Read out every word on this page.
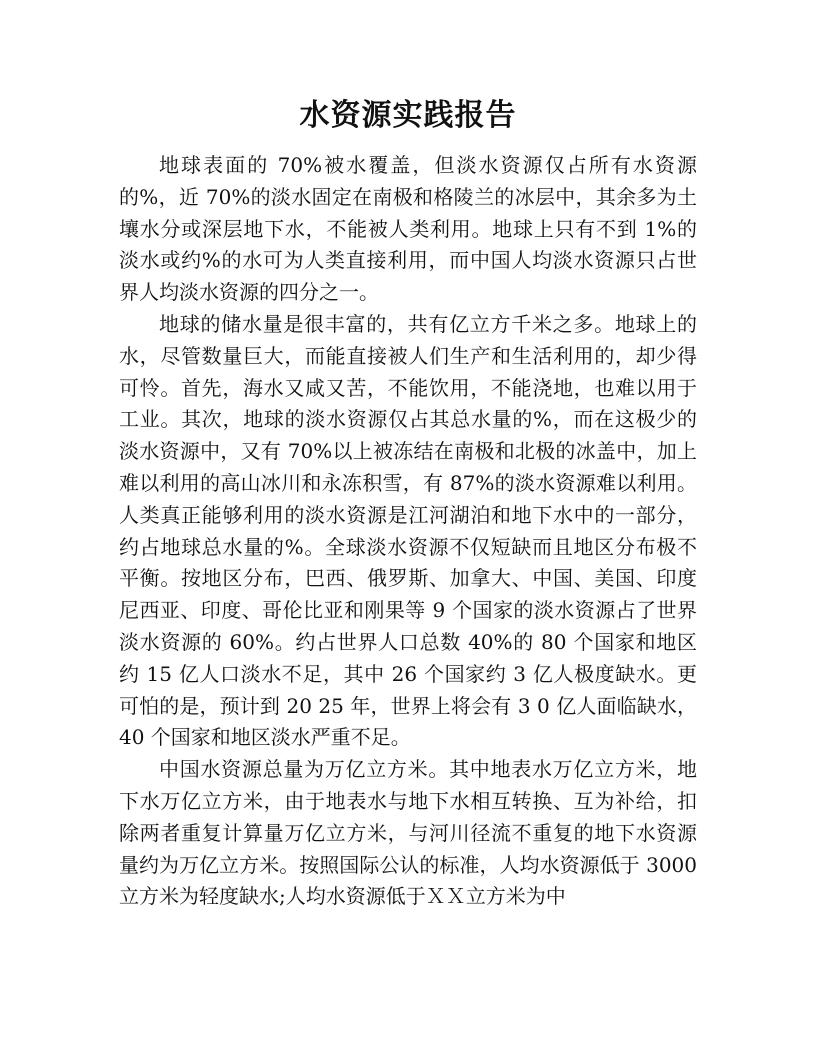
水资源实践报告

地球表面的 70%被水覆盖，但淡水资源仅占所有水资源的%，近 70%的淡水固定在南极和格陵兰的冰层中，其余多为土壤水分或深层地下水，不能被人类利用。地球上只有不到 1%的淡水或约%的水可为人类直接利用，而中国人均淡水资源只占世界人均淡水资源的四分之一。

地球的储水量是很丰富的，共有亿立方千米之多。地球上的水，尽管数量巨大，而能直接被人们生产和生活利用的，却少得可怜。首先，海水又咸又苦，不能饮用，不能浇地，也难以用于工业。其次，地球的淡水资源仅占其总水量的%，而在这极少的淡水资源中，又有 70%以上被冻结在南极和北极的冰盖中，加上难以利用的高山冰川和永冻积雪，有 87%的淡水资源难以利用。人类真正能够利用的淡水资源是江河湖泊和地下水中的一部分，约占地球总水量的%。全球淡水资源不仅短缺而且地区分布极不平衡。按地区分布，巴西、俄罗斯、加拿大、中国、美国、印度尼西亚、印度、哥伦比亚和刚果等 9 个国家的淡水资源占了世界淡水资源的 60%。约占世界人口总数 40%的 80 个国家和地区约 15 亿人口淡水不足，其中 26 个国家约 3 亿人极度缺水。更可怕的是，预计到 20 25 年，世界上将会有 3 0 亿人面临缺水，40 个国家和地区淡水严重不足。

中国水资源总量为万亿立方米。其中地表水万亿立方米，地下水万亿立方米，由于地表水与地下水相互转换、互为补给，扣除两者重复计算量万亿立方米，与河川径流不重复的地下水资源量约为万亿立方米。按照国际公认的标准，人均水资源低于 3000 立方米为轻度缺水;人均水资源低于ＸＸ立方米为中
